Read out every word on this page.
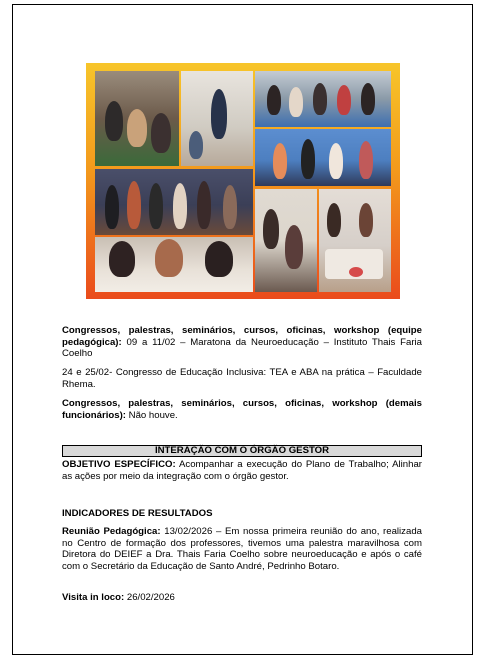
Congressos, palestras, seminários, cursos, oficinas, workshop (equipe pedagógica): 09 a 11/02 – Maratona da Neuroeducação – Instituto Thais Faria Coelho
24 e 25/02- Congresso de Educação Inclusiva: TEA e ABA na prática – Faculdade Rhema.
Congressos, palestras, seminários, cursos, oficinas, workshop (demais funcionários): Não houve.
INTERAÇÃO COM O ÓRGÃO GESTOR
OBJETIVO ESPECÍFICO: Acompanhar a execução do Plano de Trabalho; Alinhar as ações por meio da integração com o órgão gestor.
INDICADORES DE RESULTADOS
Reunião Pedagógica: 13/02/2026 – Em nossa primeira reunião do ano, realizada no Centro de formação dos professores, tivemos uma palestra maravilhosa com Diretora do DEIEF a Dra. Thais Faria Coelho sobre neuroeducação e após o café com o Secretário da Educação de Santo André, Pedrinho Botaro.
Visita in loco: 26/02/2026
